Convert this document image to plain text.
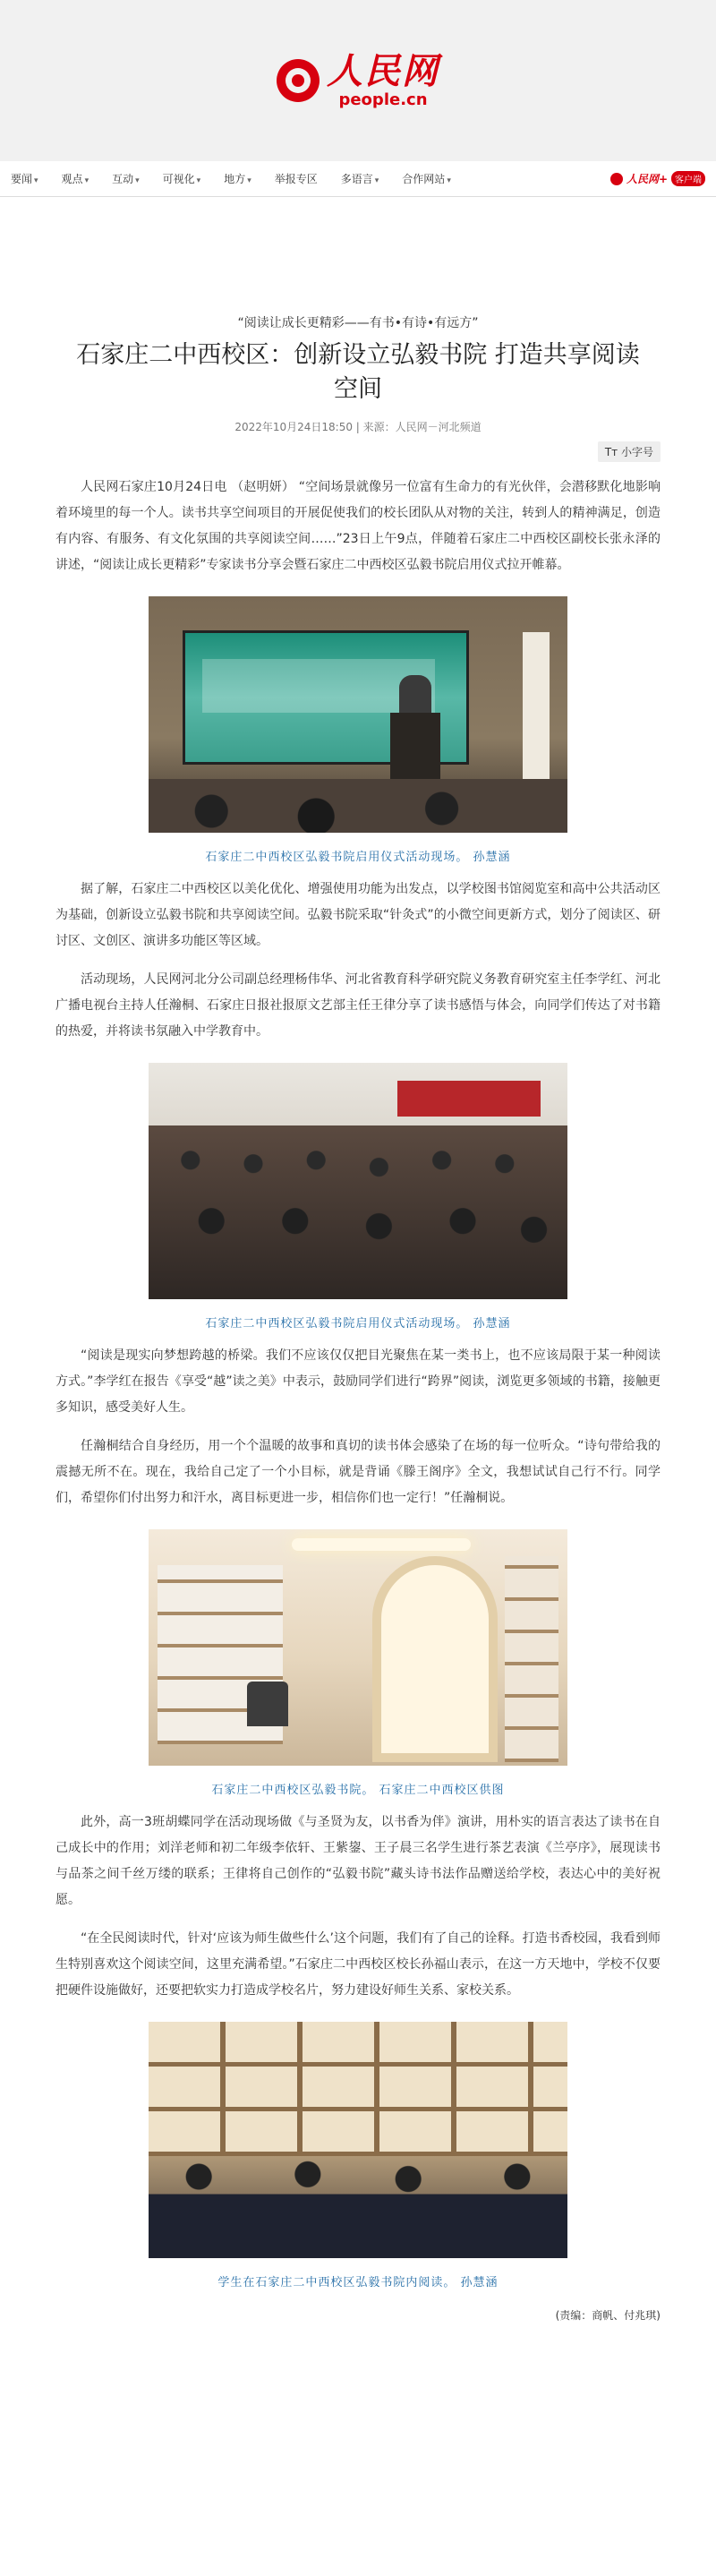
人民网
people.cn
要闻 ▾ 观点 ▾ 互动 ▾ 可视化 ▾ 地方 ▾ 举报专区 多语言 ▾ 合作网站 ▾	人民网+ 客户端
“阅读让成长更精彩——有书•有诗•有远方”
石家庄二中西校区：创新设立弘毅书院 打造共享阅读空间
2022年10月24日18:50 | 来源：人民网－河北频道
Tт 小字号

人民网石家庄10月24日电 （赵明妍） “空间场景就像另一位富有生命力的有光伙伴，会潜移默化地影响着环境里的每一个人。读书共享空间项目的开展促使我们的校长团队从对物的关注，转到人的精神满足，创造有内容、有服务、有文化氛围的共享阅读空间……”23日上午9点，伴随着石家庄二中西校区副校长张永泽的讲述，“阅读让成长更精彩”专家读书分享会暨石家庄二中西校区弘毅书院启用仪式拉开帷幕。

石家庄二中西校区弘毅书院启用仪式活动现场。 孙慧涵

据了解，石家庄二中西校区以美化优化、增强使用功能为出发点，以学校图书馆阅览室和高中公共活动区为基础，创新设立弘毅书院和共享阅读空间。弘毅书院采取“针灸式”的小微空间更新方式，划分了阅读区、研讨区、文创区、演讲多功能区等区域。

活动现场，人民网河北分公司副总经理杨伟华、河北省教育科学研究院义务教育研究室主任李学红、河北广播电视台主持人任瀚桐、石家庄日报社报原文艺部主任王律分享了读书感悟与体会，向同学们传达了对书籍的热爱，并将读书氛融入中学教育中。

石家庄二中西校区弘毅书院启用仪式活动现场。 孙慧涵

“阅读是现实向梦想跨越的桥梁。我们不应该仅仅把目光聚焦在某一类书上，也不应该局限于某一种阅读方式。”李学红在报告《享受“越”读之美》中表示，鼓励同学们进行“跨界”阅读，浏览更多领域的书籍，接触更多知识，感受美好人生。

任瀚桐结合自身经历，用一个个温暖的故事和真切的读书体会感染了在场的每一位听众。“诗句带给我的震撼无所不在。现在，我给自己定了一个小目标，就是背诵《滕王阁序》全文，我想试试自己行不行。同学们，希望你们付出努力和汗水，离目标更进一步，相信你们也一定行！”任瀚桐说。

石家庄二中西校区弘毅书院。 石家庄二中西校区供图

此外，高一3班胡蝶同学在活动现场做《与圣贤为友，以书香为伴》演讲，用朴实的语言表达了读书在自己成长中的作用；刘洋老师和初二年级李依轩、王紫鋆、王子晨三名学生进行茶艺表演《兰亭序》，展现读书与品茶之间千丝万缕的联系；王律将自己创作的“弘毅书院”藏头诗书法作品赠送给学校，表达心中的美好祝愿。

“在全民阅读时代，针对‘应该为师生做些什么’这个问题，我们有了自己的诠释。打造书香校园，我看到师生特别喜欢这个阅读空间，这里充满希望。”石家庄二中西校区校长孙福山表示，在这一方天地中，学校不仅要把硬件设施做好，还要把软实力打造成学校名片，努力建设好师生关系、家校关系。

学生在石家庄二中西校区弘毅书院内阅读。 孙慧涵
(责编：商帆、付兆琪)
